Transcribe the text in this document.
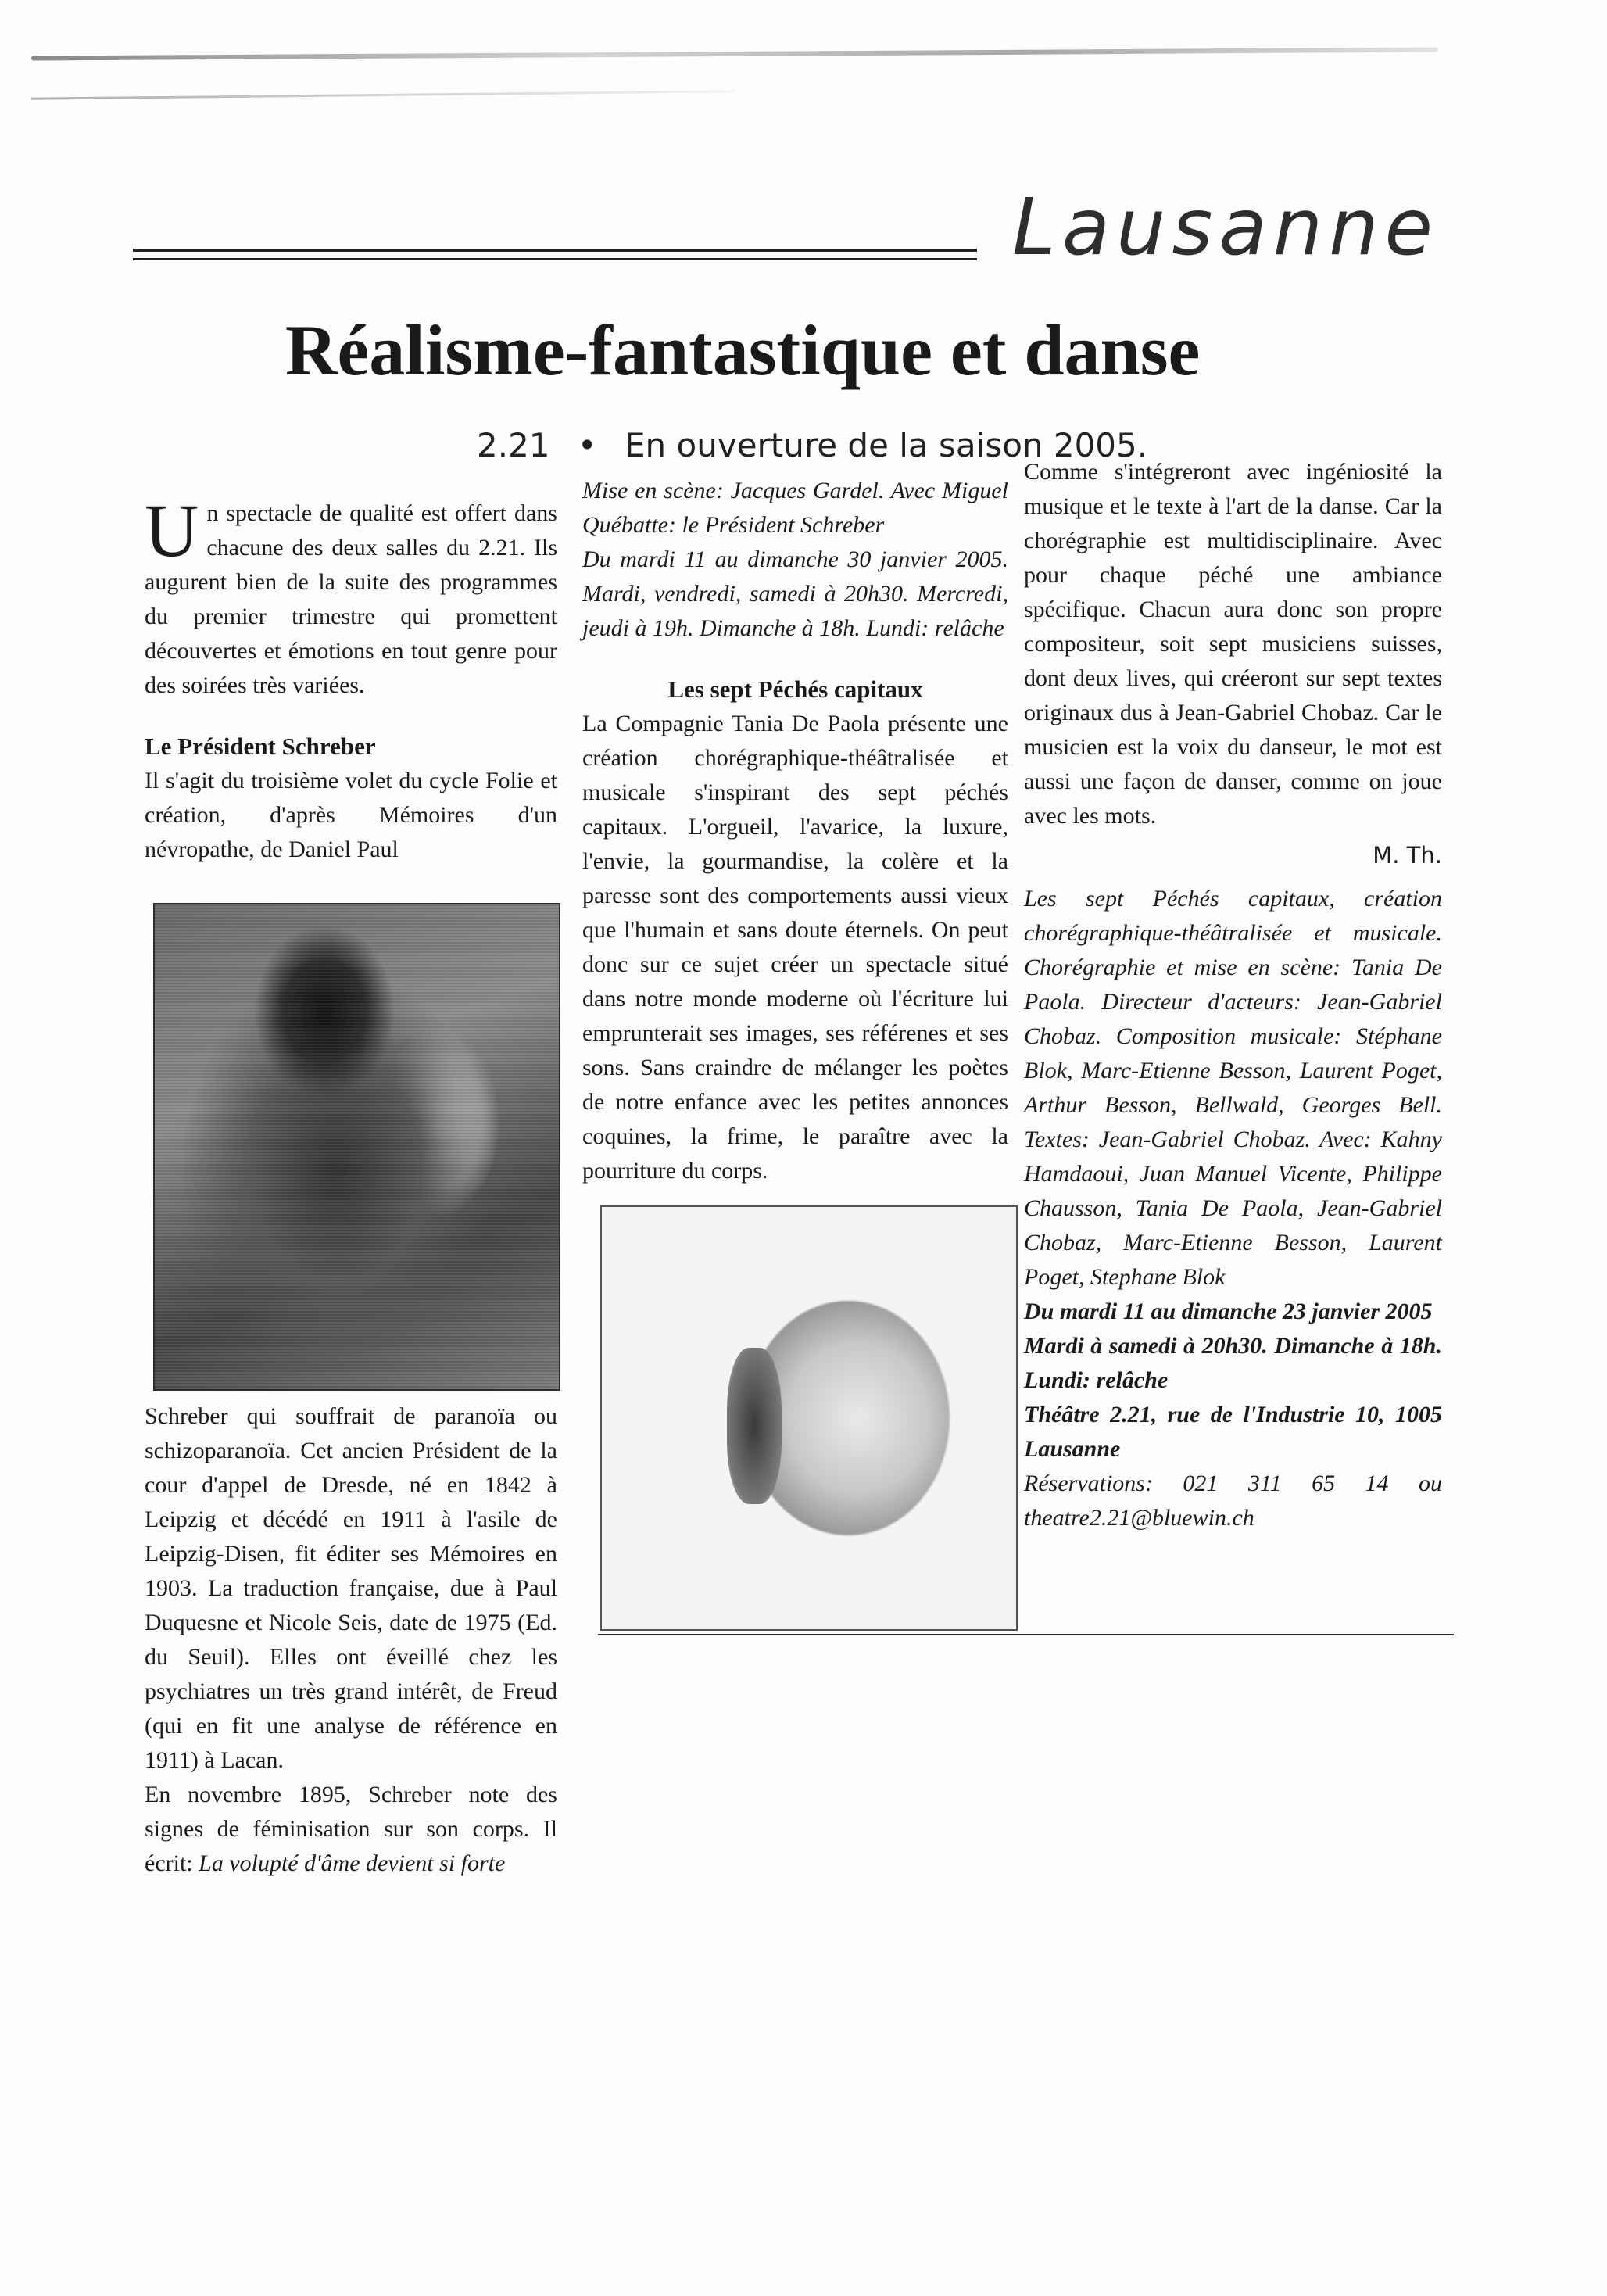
Lausanne
Réalisme-fantastique et danse
2.21 • En ouverture de la saison 2005.

Un spectacle de qualité est offert dans chacune des deux salles du 2.21. Ils augurent bien de la suite des programmes du premier trimestre qui promettent découvertes et émotions en tout genre pour des soirées très variées.

Le Président Schreber

Il s'agit du troisième volet du cycle Folie et création, d'après Mémoires d'un névropathe, de Daniel Paul

Schreber qui souffrait de paranoïa ou schizoparanoïa. Cet ancien Président de la cour d'appel de Dresde, né en 1842 à Leipzig et décédé en 1911 à l'asile de Leipzig-Disen, fit éditer ses Mémoires en 1903. La traduction française, due à Paul Duquesne et Nicole Seis, date de 1975 (Ed. du Seuil). Elles ont éveillé chez les psychiatres un très grand intérêt, de Freud (qui en fit une analyse de référence en 1911) à Lacan.

En novembre 1895, Schreber note des signes de féminisation sur son corps. Il écrit: La volupté d'âme devient si forte

Mise en scène: Jacques Gardel. Avec Miguel Québatte: le Président Schreber

Du mardi 11 au dimanche 30 janvier 2005. Mardi, vendredi, samedi à 20h30. Mercredi, jeudi à 19h. Dimanche à 18h. Lundi: relâche

Les sept Péchés capitaux

La Compagnie Tania De Paola présente une création chorégraphique-théâtralisée et musicale s'inspirant des sept péchés capitaux. L'orgueil, l'avarice, la luxure, l'envie, la gourmandise, la colère et la paresse sont des comportements aussi vieux que l'humain et sans doute éternels. On peut donc sur ce sujet créer un spectacle situé dans notre monde moderne où l'écriture lui emprunterait ses images, ses référenes et ses sons. Sans craindre de mélanger les poètes de notre enfance avec les petites annonces coquines, la frime, le paraître avec la pourriture du corps.

Comme s'intégreront avec ingéniosité la musique et le texte à l'art de la danse. Car la chorégraphie est multidisciplinaire. Avec pour chaque péché une ambiance spécifique. Chacun aura donc son propre compositeur, soit sept musiciens suisses, dont deux lives, qui créeront sur sept textes originaux dus à Jean-Gabriel Chobaz. Car le musicien est la voix du danseur, le mot est aussi une façon de danser, comme on joue avec les mots.

M. Th.

Les sept Péchés capitaux, création chorégraphique-théâtralisée et musicale. Chorégraphie et mise en scène: Tania De Paola. Directeur d'acteurs: Jean-Gabriel Chobaz. Composition musicale: Stéphane Blok, Marc-Etienne Besson, Laurent Poget, Arthur Besson, Bellwald, Georges Bell. Textes: Jean-Gabriel Chobaz. Avec: Kahny Hamdaoui, Juan Manuel Vicente, Philippe Chausson, Tania De Paola, Jean-Gabriel Chobaz, Marc-Etienne Besson, Laurent Poget, Stephane Blok

Du mardi 11 au dimanche 23 janvier 2005

Mardi à samedi à 20h30. Dimanche à 18h. Lundi: relâche

Théâtre 2.21, rue de l'Industrie 10, 1005 Lausanne

Réservations: 021 311 65 14 ou theatre2.21@bluewin.ch
